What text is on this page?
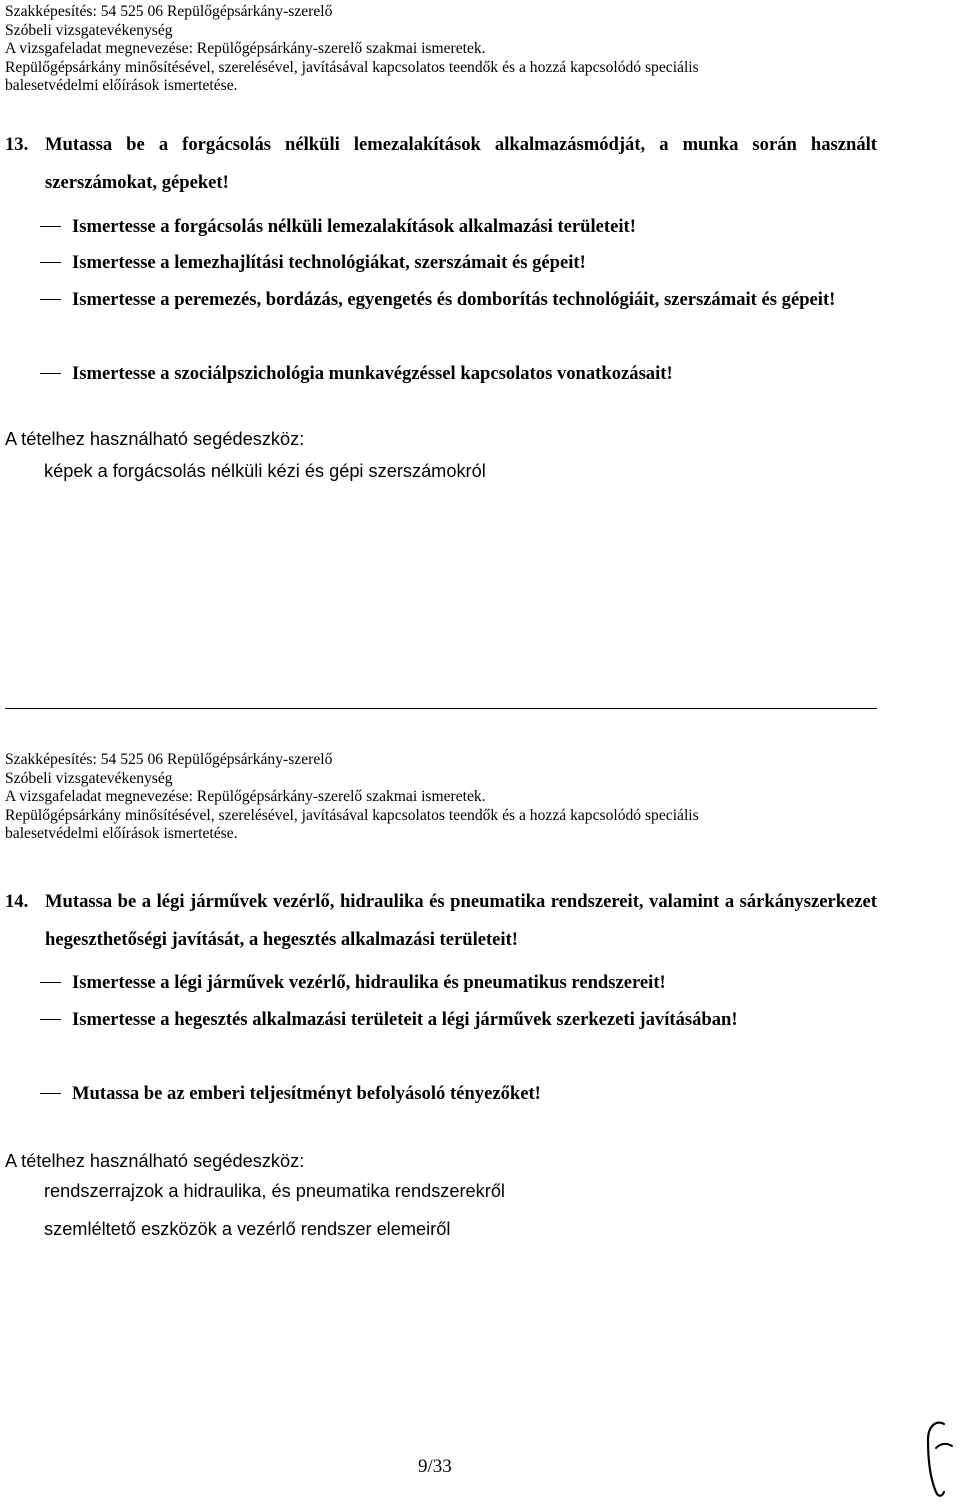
Szakképesítés: 54 525 06 Repülőgépsárkány-szerelő
Szóbeli vizsgatevékenység
A vizsgafeladat megnevezése: Repülőgépsárkány-szerelő szakmai ismeretek.
Repülőgépsárkány minősítésével, szerelésével, javításával kapcsolatos teendők és a hozzá kapcsolódó speciális
balesetvédelmi előírások ismertetése.
13. Mutassa be a forgácsolás nélküli lemezalakítások alkalmazásmódját, a munka során használt szerszámokat, gépeket!
Ismertesse a forgácsolás nélküli lemezalakítások alkalmazási területeit!
Ismertesse a lemezhajlítási technológiákat, szerszámait és gépeit!
Ismertesse a peremezés, bordázás, egyengetés és domborítás technológiáit, szerszámait és gépeit!
Ismertesse a szociálpszichológia munkavégzéssel kapcsolatos vonatkozásait!
A tételhez használható segédeszköz:
képek a forgácsolás nélküli kézi és gépi szerszámokról
Szakképesítés: 54 525 06 Repülőgépsárkány-szerelő
Szóbeli vizsgatevékenység
A vizsgafeladat megnevezése: Repülőgépsárkány-szerelő szakmai ismeretek.
Repülőgépsárkány minősítésével, szerelésével, javításával kapcsolatos teendők és a hozzá kapcsolódó speciális
balesetvédelmi előírások ismertetése.
14. Mutassa be a légi járművek vezérlő, hidraulika és pneumatika rendszereit, valamint a sárkányszerkezet hegeszthetőségi javítását, a hegesztés alkalmazási területeit!
Ismertesse a légi járművek vezérlő, hidraulika és pneumatikus rendszereit!
Ismertesse a hegesztés alkalmazási területeit a légi járművek szerkezeti javításában!
Mutassa be az emberi teljesítményt befolyásoló tényezőket!
A tételhez használható segédeszköz:
rendszerrajzok a hidraulika, és pneumatika rendszerekről
szemléltető eszközök a vezérlő rendszer elemeiről
9/33
